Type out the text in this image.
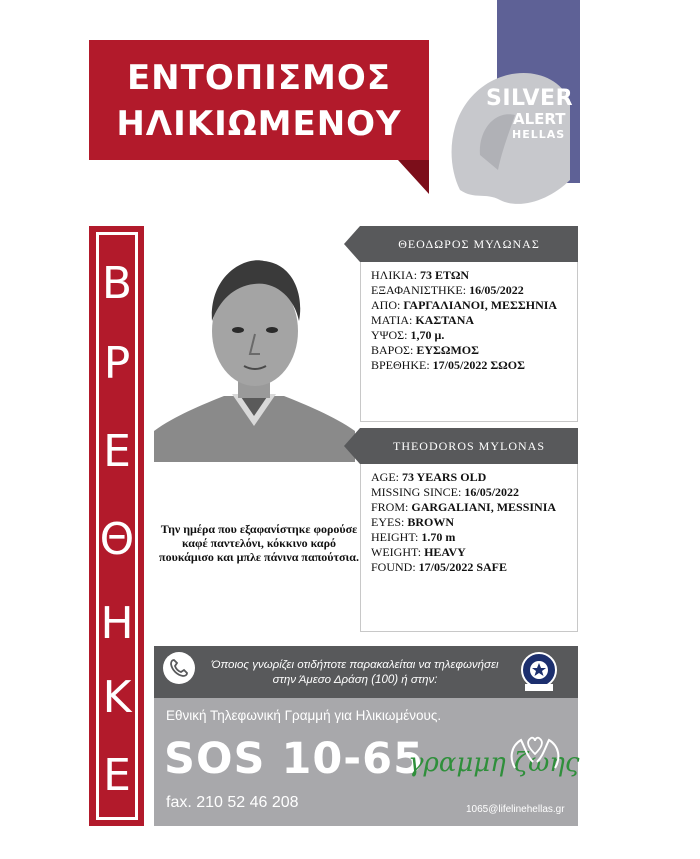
ΕΝΤΟΠΙΣΜΟΣ
ΗΛΙΚΙΩΜΕΝΟΥ
SILVER
ALERT
HELLAS
Β
Ρ
Ε
Θ
Η
Κ
Ε
Την ημέρα που εξαφανίστηκε φορούσε καφέ παντελόνι, κόκκινο καρό πουκάμισο και μπλε πάνινα παπούτσια.
ΘΕΟΔΩΡΟΣ ΜΥΛΩΝΑΣ
ΗΛΙΚΙΑ: 73 ΕΤΩΝ
ΕΞΑΦΑΝΙΣΤΗΚΕ: 16/05/2022
ΑΠΟ: ΓΑΡΓΑΛΙΑΝΟΙ, ΜΕΣΣΗΝΙΑ
ΜΑΤΙΑ: ΚΑΣΤΑΝΑ
ΥΨΟΣ: 1,70 μ.
ΒΑΡΟΣ: ΕΥΣΩΜΟΣ
ΒΡΕΘΗΚΕ: 17/05/2022 ΣΩΟΣ
THEODOROS MYLONAS
AGE: 73 YEARS OLD
MISSING SINCE: 16/05/2022
FROM: GARGALIANI, MESSINIA
EYES: BROWN
HEIGHT: 1.70 m
WEIGHT: HEAVY
FOUND: 17/05/2022 SAFE
Όποιος γνωρίζει οτιδήποτε παρακαλείται να τηλεφωνήσει στην Άμεσο Δράση (100) ή στην:
Εθνική Τηλεφωνική Γραμμή για Ηλικιωμένους.
SOS 10-65
fax. 210 52 46 208
γραμμη ζωης
1065@lifelinehellas.gr
